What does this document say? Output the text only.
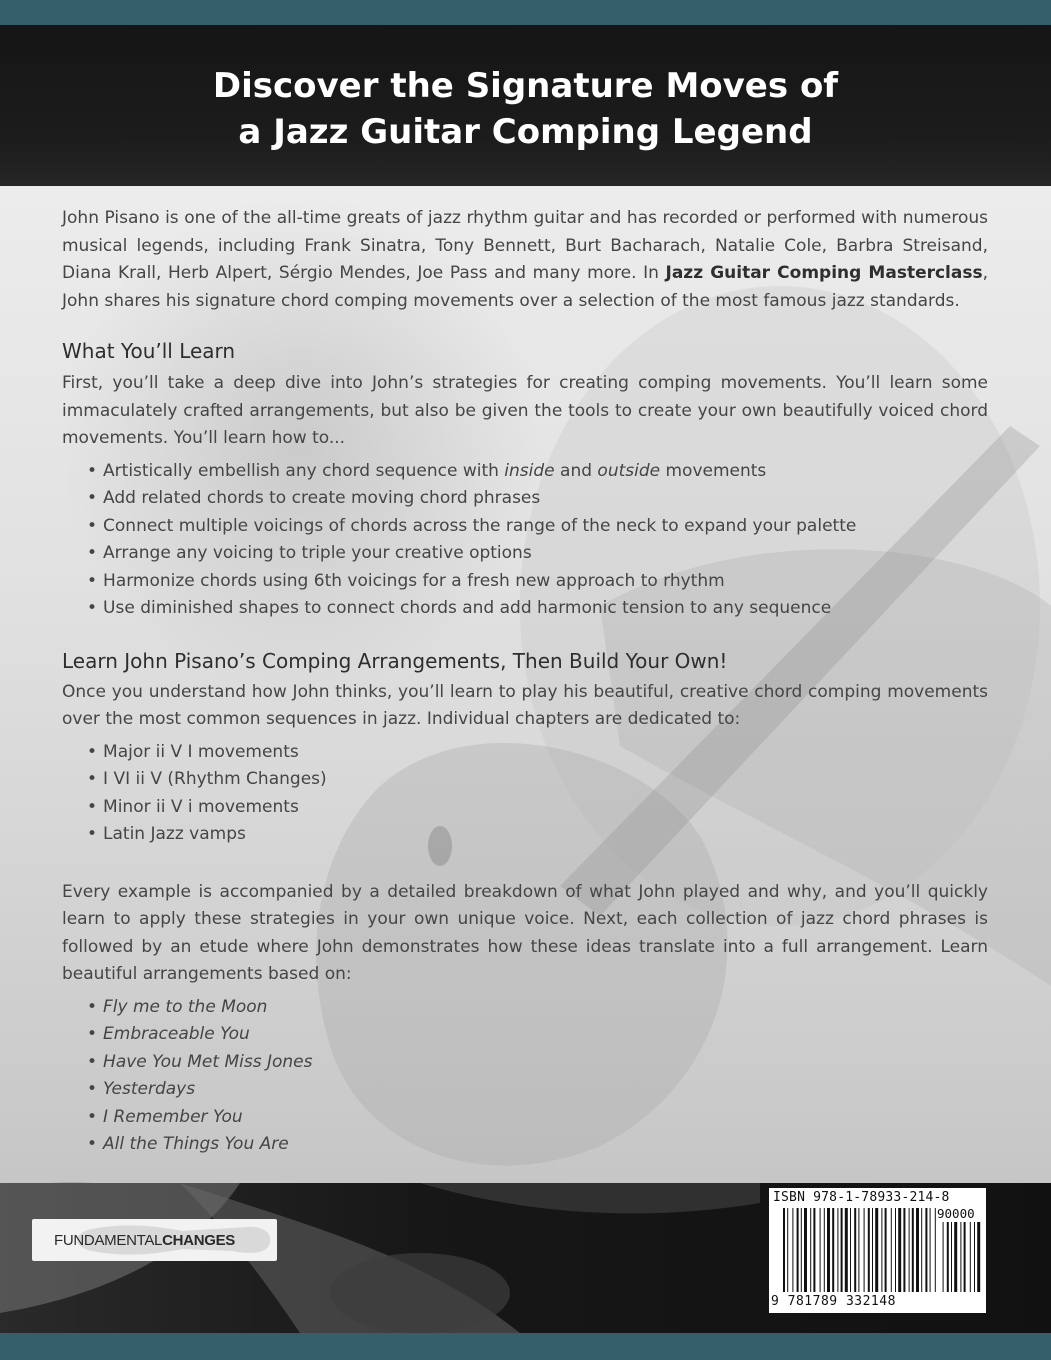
Discover the Signature Moves of
a Jazz Guitar Comping Legend

John Pisano is one of the all-time greats of jazz rhythm guitar and has recorded or performed with numerous musical legends, including Frank Sinatra, Tony Bennett, Burt Bacharach, Natalie Cole, Barbra Streisand, Diana Krall, Herb Alpert, Sérgio Mendes, Joe Pass and many more. In Jazz Guitar Comping Masterclass, John shares his signature chord comping movements over a selection of the most famous jazz standards.

What You’ll Learn

First, you’ll take a deep dive into John’s strategies for creating comping movements. You’ll learn some immaculately crafted arrangements, but also be given the tools to create your own beautifully voiced chord movements. You’ll learn how to...

• Artistically embellish any chord sequence with inside and outside movements
• Add related chords to create moving chord phrases
• Connect multiple voicings of chords across the range of the neck to expand your palette
• Arrange any voicing to triple your creative options
• Harmonize chords using 6th voicings for a fresh new approach to rhythm
• Use diminished shapes to connect chords and add harmonic tension to any sequence
Learn John Pisano’s Comping Arrangements, Then Build Your Own!

Once you understand how John thinks, you’ll learn to play his beautiful, creative chord comping movements over the most common sequences in jazz. Individual chapters are dedicated to:

• Major ii V I movements
• I VI ii V (Rhythm Changes)
• Minor ii V i movements
• Latin Jazz vamps

Every example is accompanied by a detailed breakdown of what John played and why, and you’ll quickly learn to apply these strategies in your own unique voice. Next, each collection of jazz chord phrases is followed by an etude where John demonstrates how these ideas translate into a full arrangement. Learn beautiful arrangements based on:

• Fly me to the Moon
• Embraceable You
• Have You Met Miss Jones
• Yesterdays
• I Remember You
• All the Things You Are
FUNDAMENTALCHANGES
ISBN 978-1-78933-214-8
90000
9 781789 332148
